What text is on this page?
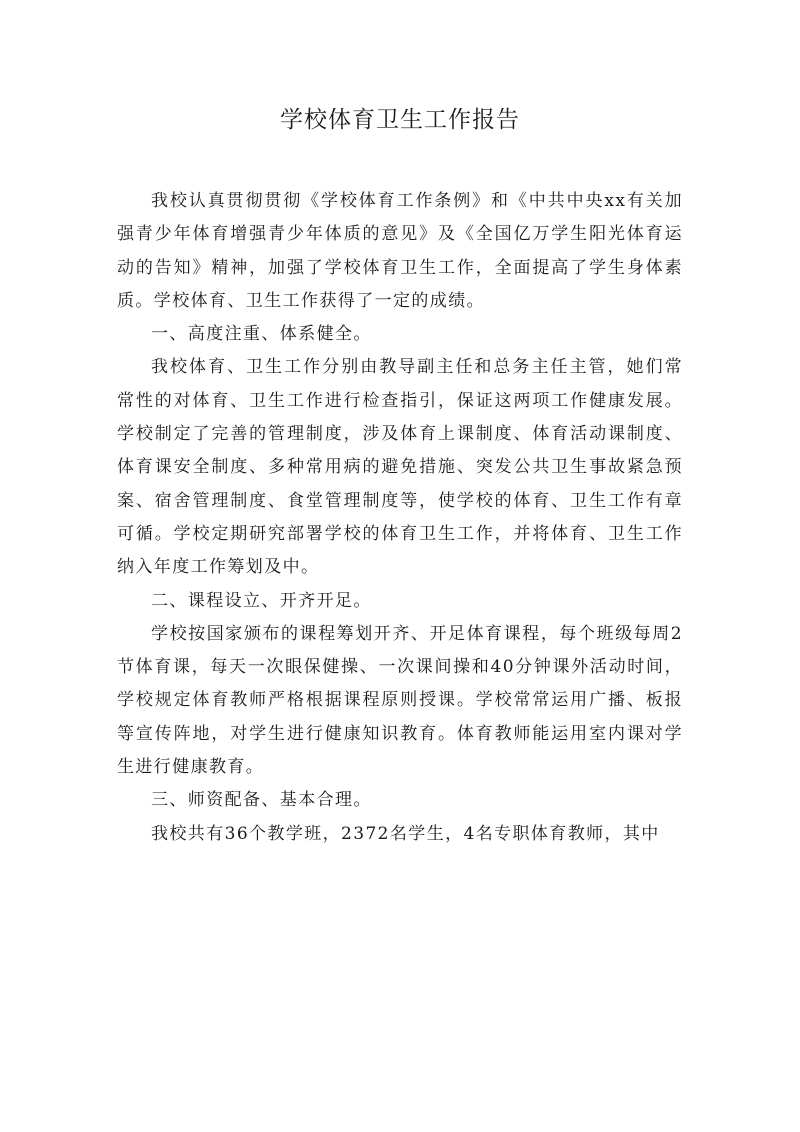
学校体育卫生工作报告

我校认真贯彻贯彻《学校体育工作条例》和《中共中央xx有关加强青少年体育增强青少年体质的意见》及《全国亿万学生阳光体育运动的告知》精神，加强了学校体育卫生工作，全面提高了学生身体素质。学校体育、卫生工作获得了一定的成绩。

一、高度注重、体系健全。

我校体育、卫生工作分别由教导副主任和总务主任主管，她们常常性的对体育、卫生工作进行检查指引，保证这两项工作健康发展。学校制定了完善的管理制度，涉及体育上课制度、体育活动课制度、体育课安全制度、多种常用病的避免措施、突发公共卫生事故紧急预案、宿舍管理制度、食堂管理制度等，使学校的体育、卫生工作有章可循。学校定期研究部署学校的体育卫生工作，并将体育、卫生工作纳入年度工作筹划及中。

二、课程设立、开齐开足。

学校按国家颁布的课程筹划开齐、开足体育课程，每个班级每周2节体育课，每天一次眼保健操、一次课间操和40分钟课外活动时间，学校规定体育教师严格根据课程原则授课。学校常常运用广播、板报等宣传阵地，对学生进行健康知识教育。体育教师能运用室内课对学生进行健康教育。

三、师资配备、基本合理。

我校共有36个教学班，2372名学生，4名专职体育教师，其中
